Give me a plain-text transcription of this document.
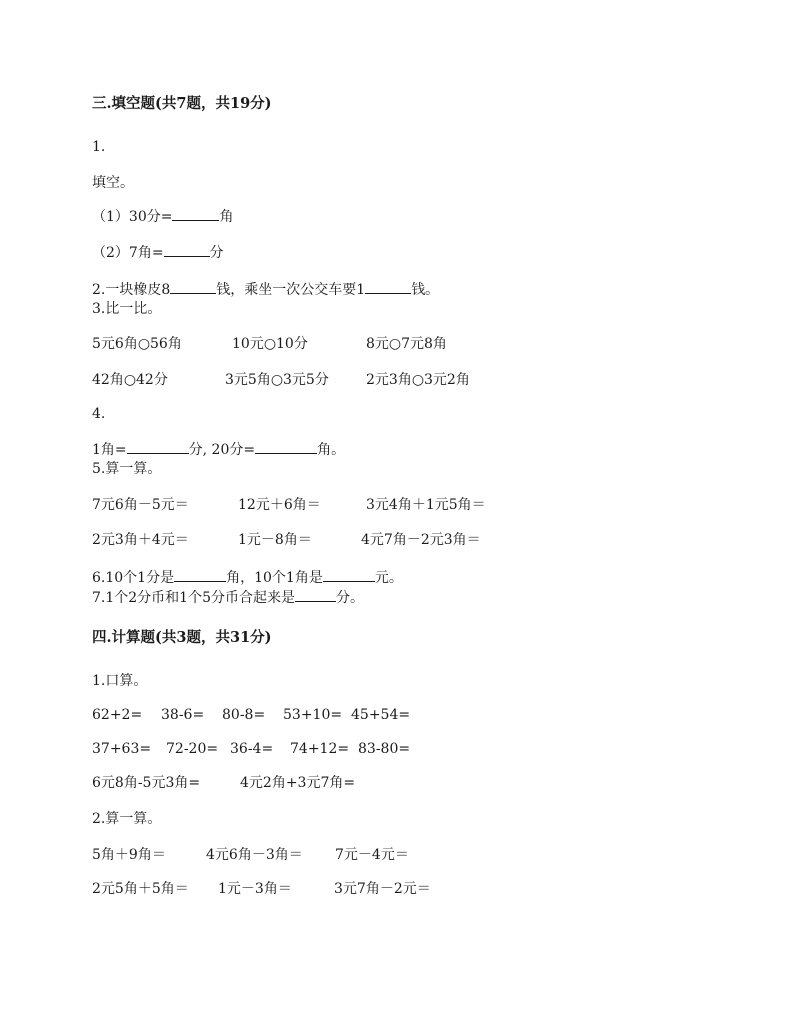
三.填空题(共7题，共19分)
1.
填空。
（1）30分=	角
（2）7角=	分
2.一块橡皮8	钱，乘坐一次公交车要1	钱。
3.比一比。
5元6角○56角	10元○10分	8元○7元8角
42角○42分	3元5角○3元5分	2元3角○3元2角
4.
1角=	分, 20分=	角。
5.算一算。
7元6角－5元＝	12元＋6角＝	3元4角＋1元5角＝
2元3角＋4元＝	1元－8角＝	4元7角－2元3角＝
6.10个1分是	角，10个1角是	元。
7.1个2分币和1个5分币合起来是	分。
四.计算题(共3题，共31分)
1.口算。
62+2= 38-6= 80-8= 53+10= 45+54=
37+63= 72-20= 36-4= 74+12= 83-80=
6元8角-5元3角=	4元2角+3元7角=
2.算一算。
5角＋9角＝	4元6角－3角＝ 7元－4元＝
2元5角＋5角＝ 1元－3角＝	3元7角－2元＝
